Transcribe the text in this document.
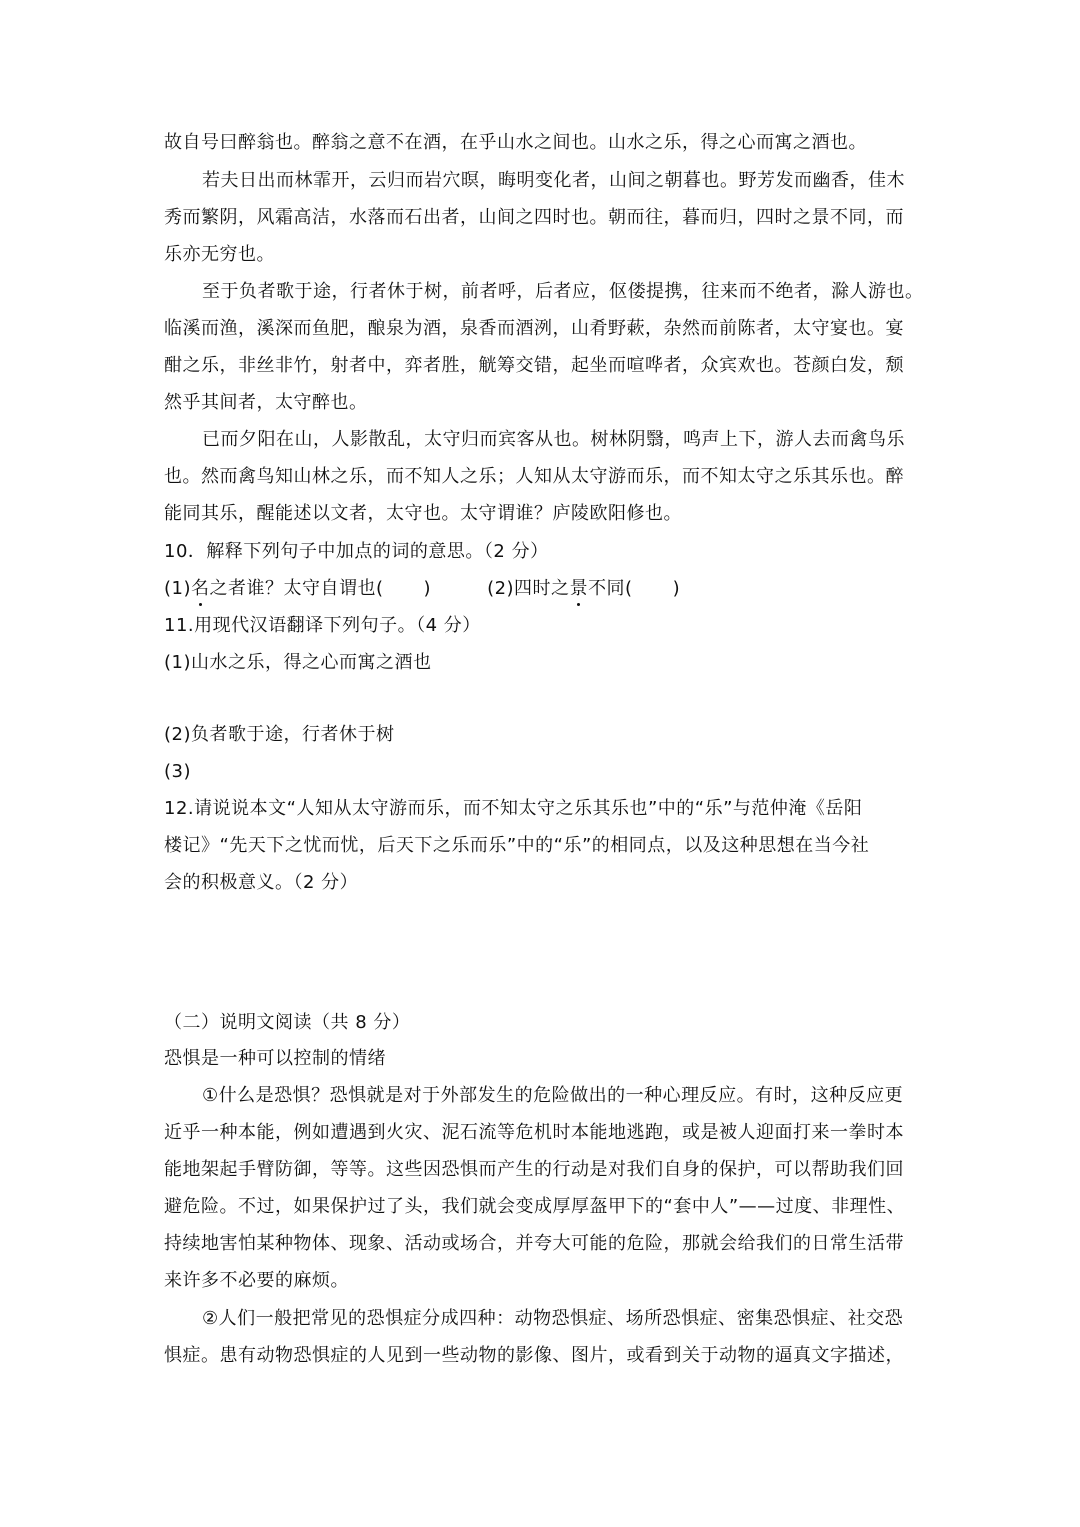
故自号曰醉翁也。醉翁之意不在酒，在乎山水之间也。山水之乐，得之心而寓之酒也。
若夫日出而林霏开，云归而岩穴暝，晦明变化者，山间之朝暮也。野芳发而幽香，佳木
秀而繁阴，风霜高洁，水落而石出者，山间之四时也。朝而往，暮而归，四时之景不同，而
乐亦无穷也。
至于负者歌于途，行者休于树，前者呼，后者应，伛偻提携，往来而不绝者，滁人游也。
临溪而渔，溪深而鱼肥，酿泉为酒，泉香而酒洌，山肴野蔌，杂然而前陈者，太守宴也。宴
酣之乐，非丝非竹，射者中，弈者胜，觥筹交错，起坐而喧哗者，众宾欢也。苍颜白发，颓
然乎其间者，太守醉也。
已而夕阳在山，人影散乱，太守归而宾客从也。树林阴翳，鸣声上下，游人去而禽鸟乐
也。然而禽鸟知山林之乐，而不知人之乐；人知从太守游而乐，而不知太守之乐其乐也。醉
能同其乐，醒能述以文者，太守也。太守谓谁？庐陵欧阳修也。
10．解释下列句子中加点的词的意思。（2 分）
(1)名之者谁？太守自谓也( )	(2)四时之景不同( )
11.用现代汉语翻译下列句子。（4 分）
(1)山水之乐，得之心而寓之酒也
(2)负者歌于途，行者休于树
(3)
12.请说说本文“人知从太守游而乐，而不知太守之乐其乐也”中的“乐”与范仲淹《岳阳
楼记》“先天下之忧而忧，后天下之乐而乐”中的“乐”的相同点，以及这种思想在当今社
会的积极意义。（2 分）
（二）说明文阅读（共 8 分）
恐惧是一种可以控制的情绪
①什么是恐惧？恐惧就是对于外部发生的危险做出的一种心理反应。有时，这种反应更
近乎一种本能，例如遭遇到火灾、泥石流等危机时本能地逃跑，或是被人迎面打来一拳时本
能地架起手臂防御，等等。这些因恐惧而产生的行动是对我们自身的保护，可以帮助我们回
避危险。不过，如果保护过了头，我们就会变成厚厚盔甲下的“套中人”——过度、非理性、
持续地害怕某种物体、现象、活动或场合，并夸大可能的危险，那就会给我们的日常生活带
来许多不必要的麻烦。
②人们一般把常见的恐惧症分成四种：动物恐惧症、场所恐惧症、密集恐惧症、社交恐
惧症。患有动物恐惧症的人见到一些动物的影像、图片，或看到关于动物的逼真文字描述，
